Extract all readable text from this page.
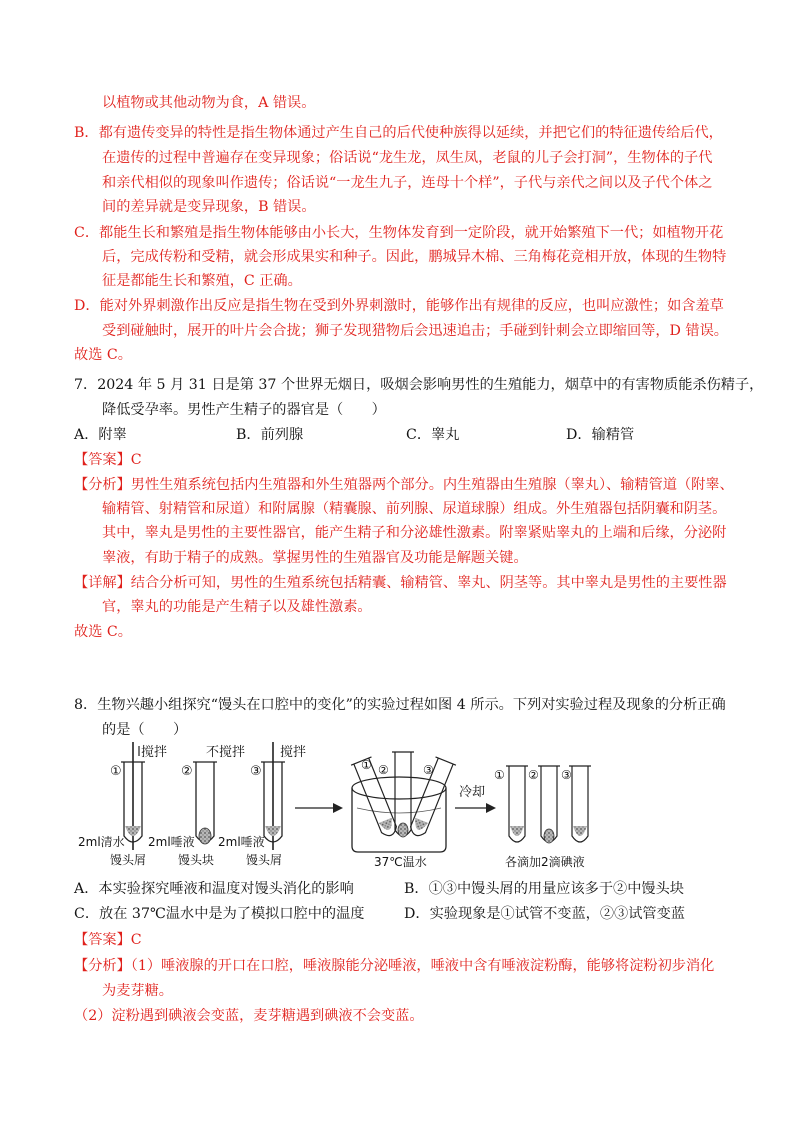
以植物或其他动物为食，A 错误。
B．都有遗传变异的特性是指生物体通过产生自己的后代使种族得以延续，并把它们的特征遗传给后代，
在遗传的过程中普遍存在变异现象；俗话说“龙生龙，凤生凤，老鼠的儿子会打洞”，生物体的子代
和亲代相似的现象叫作遗传；俗话说“一龙生九子，连母十个样”，子代与亲代之间以及子代个体之
间的差异就是变异现象，B 错误。
C．都能生长和繁殖是指生物体能够由小长大，生物体发育到一定阶段，就开始繁殖下一代；如植物开花
后，完成传粉和受精，就会形成果实和种子。因此，鹏城异木棉、三角梅花竞相开放，体现的生物特
征是都能生长和繁殖，C 正确。
D．能对外界刺激作出反应是指生物在受到外界刺激时，能够作出有规律的反应，也叫应激性；如含羞草
受到碰触时，展开的叶片会合拢；狮子发现猎物后会迅速追击；手碰到针刺会立即缩回等，D 错误。
故选 C。
7．2024 年 5 月 31 日是第 37 个世界无烟日，吸烟会影响男性的生殖能力，烟草中的有害物质能杀伤精子，
降低受孕率。男性产生精子的器官是（　　）
A．附睾	B．前列腺	C．睾丸	D．输精管
【答案】C
【分析】男性生殖系统包括内生殖器和外生殖器两个部分。内生殖器由生殖腺（睾丸）、输精管道（附睾、
输精管、射精管和尿道）和附属腺（精囊腺、前列腺、尿道球腺）组成。外生殖器包括阴囊和阴茎。
其中，睾丸是男性的主要性器官，能产生精子和分泌雄性激素。附睾紧贴睾丸的上端和后缘，分泌附
睾液，有助于精子的成熟。掌握男性的生殖器官及功能是解题关键。
【详解】结合分析可知，男性的生殖系统包括精囊、输精管、睾丸、阴茎等。其中睾丸是男性的主要性器
官，睾丸的功能是产生精子以及雄性激素。
故选 C。
8．生物兴趣小组探究“馒头在口腔中的变化”的实验过程如图 4 所示。下列对实验过程及现象的分析正确
的是（　　）
搅拌
①
2ml清水
馒头屑
不搅拌
②
2ml唾液
馒头块
搅拌
③
2ml唾液
馒头屑
① ②	③
37℃温水
冷却
① ② ③
各滴加2滴碘液
A．本实验探究唾液和温度对馒头消化的影响	B．①③中馒头屑的用量应该多于②中馒头块
C．放在 37℃温水中是为了模拟口腔中的温度	D．实验现象是①试管不变蓝，②③试管变蓝
【答案】C
【分析】（1）唾液腺的开口在口腔，唾液腺能分泌唾液，唾液中含有唾液淀粉酶，能够将淀粉初步消化
为麦芽糖。
（2）淀粉遇到碘液会变蓝，麦芽糖遇到碘液不会变蓝。
